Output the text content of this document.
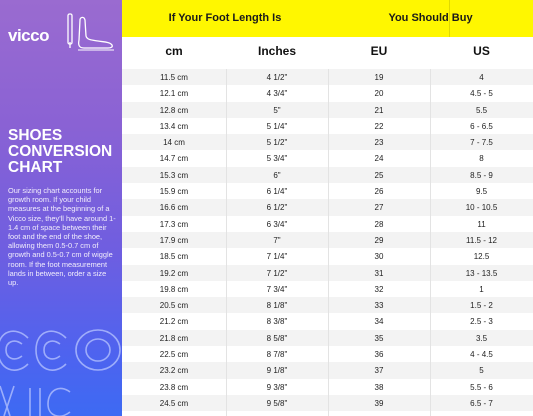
vicco
SHOES CONVERSION CHART
Our sizing chart accounts for growth room. If your child measures at the beginning of a Vicco size, they'll have around 1-1.4 cm of space between their foot and the end of the shoe, allowing them 0.5-0.7 cm of growth and 0.5-0.7 cm of wiggle room. If the foot measurement lands in between, order a size up.
If Your Foot Length Is	You Should Buy
cm	Inches	EU	US
11.5 cm	4 1/2"	19	4
12.1 cm	4 3/4"	20	4.5 - 5
12.8 cm	5"	21	5.5
13.4 cm	5 1/4"	22	6 - 6.5
14 cm	5 1/2"	23	7 - 7.5
14.7 cm	5 3/4"	24	8
15.3 cm	6"	25	8.5 - 9
15.9 cm	6 1/4"	26	9.5
16.6 cm	6 1/2"	27	10 - 10.5
17.3 cm	6 3/4"	28	11
17.9 cm	7"	29	11.5 - 12
18.5 cm	7 1/4"	30	12.5
19.2 cm	7 1/2"	31	13 - 13.5
19.8 cm	7 3/4"	32	1
20.5 cm	8 1/8"	33	1.5 - 2
21.2 cm	8 3/8"	34	2.5 - 3
21.8 cm	8 5/8"	35	3.5
22.5 cm	8 7/8"	36	4 - 4.5
23.2 cm	9 1/8"	37	5
23.8 cm	9 3/8"	38	5.5 - 6
24.5 cm	9 5/8"	39	6.5 - 7
